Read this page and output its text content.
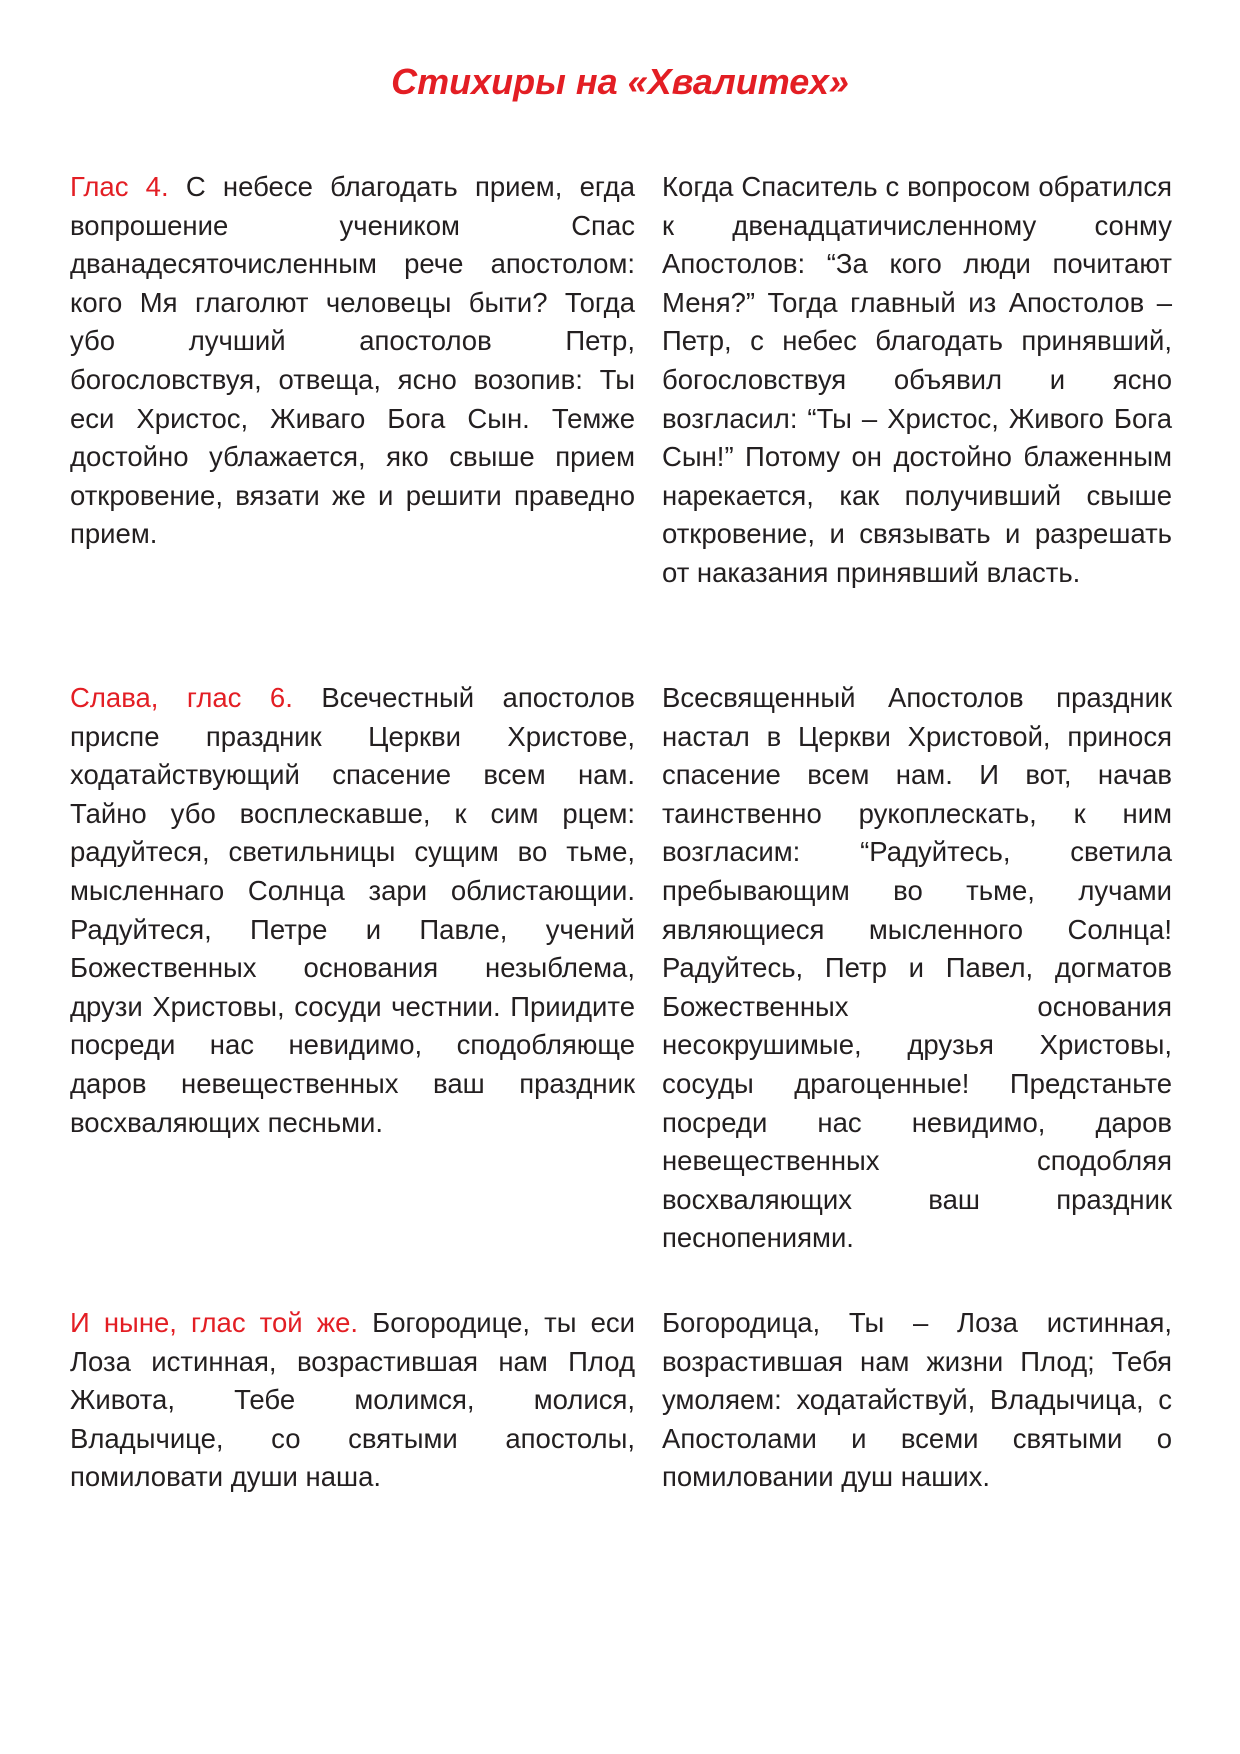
Стихиры на «Хвалитех»

Глас 4. С небесе благодать прием, егда вопрошение учеником Спас дванадесяточисленным рече апостолом: кого Мя глаголют человецы быти? Тогда убо лучший апостолов Петр, богословствуя, отвеща, ясно возопив: Ты еси Христос, Живаго Бога Сын. Темже достойно ублажается, яко свыше прием откровение, вязати же и решити праведно прием.

Когда Спаситель с вопросом обратился к двенадцатичисленному сонму Апостолов: “За кого люди почитают Меня?” Тогда главный из Апостолов – Петр, с небес благодать принявший, богословствуя объявил и ясно возгласил: “Ты – Христос, Живого Бога Сын!” Потому он достойно блаженным нарекается, как получивший свыше откровение, и связывать и разрешать от наказания принявший власть.

Слава, глас 6. Всечестный апостолов приспе праздник Церкви Христове, ходатайствующий спасение всем нам. Тайно убо восплескавше, к сим рцем: радуйтеся, светильницы сущим во тьме, мысленнаго Солнца зари облистающии. Радуйтеся, Петре и Павле, учений Божественных основания незыблема, друзи Христовы, сосуди честнии. Приидите посреди нас невидимо, сподобляюще даров невещественных ваш праздник восхваляющих песньми.

Всесвященный Апостолов праздник настал в Церкви Христовой, принося спасение всем нам. И вот, начав таинственно рукоплескать, к ним возгласим: “Радуйтесь, светила пребывающим во тьме, лучами являющиеся мысленного Солнца! Радуйтесь, Петр и Павел, догматов Божественных основания несокрушимые, друзья Христовы, сосуды драгоценные! Предстаньте посреди нас невидимо, даров невещественных сподобляя восхваляющих ваш праздник песнопениями.

И ныне, глас той же. Богородице, ты еси Лоза истинная, возрастившая нам Плод Живота, Тебе молимся, молися, Владычице, со святыми апостолы, помиловати души наша.

Богородица, Ты – Лоза истинная, возрастившая нам жизни Плод; Тебя умоляем: ходатайствуй, Владычица, с Апостолами и всеми святыми о помиловании душ наших.
